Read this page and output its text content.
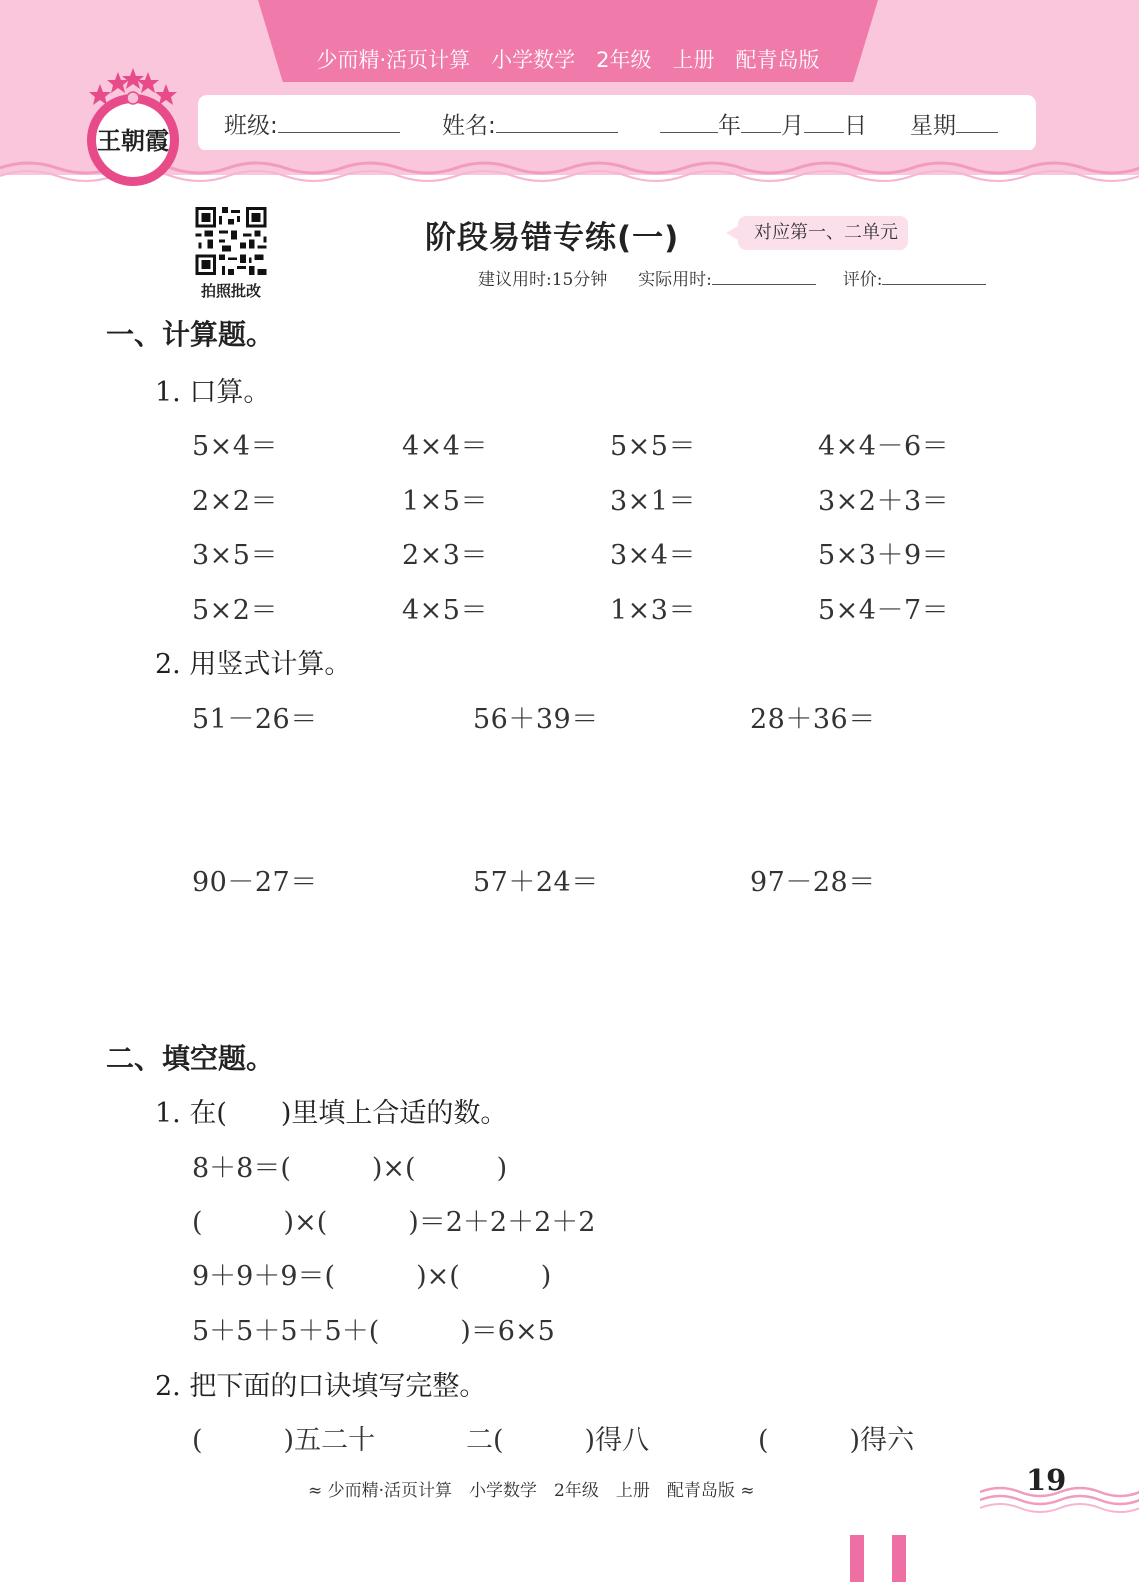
少而精·活页计算　小学数学　2年级　上册　配青岛版
班级:	姓名:	年 月 日 星期
王朝霞
拍照批改
阶段易错专练(一)	对应第一、二单元
建议用时:15分钟 实际用时:	评价:
一、计算题。
1. 口算。
5×4＝	4×4＝	5×5＝	4×4－6＝
2×2＝	1×5＝	3×1＝	3×2＋3＝
3×5＝	2×3＝	3×4＝	5×3＋9＝
5×2＝	4×5＝	1×3＝	5×4－7＝
2. 用竖式计算。
51－26＝	56＋39＝	28＋36＝
90－27＝	57＋24＝	97－28＝
二、填空题。
1. 在(　　)里填上合适的数。
8＋8＝(　　　)×(　　　)
(　　　)×(　　　)＝2＋2＋2＋2
9＋9＋9＝(　　　)×(　　　)
5＋5＋5＋5＋(　　　)＝6×5
2. 把下面的口诀填写完整。
(　　　)五二十	二(　　　)得八	(　　　)得六
≈ 少而精·活页计算　小学数学　2年级　上册　配青岛版 ≈	19
